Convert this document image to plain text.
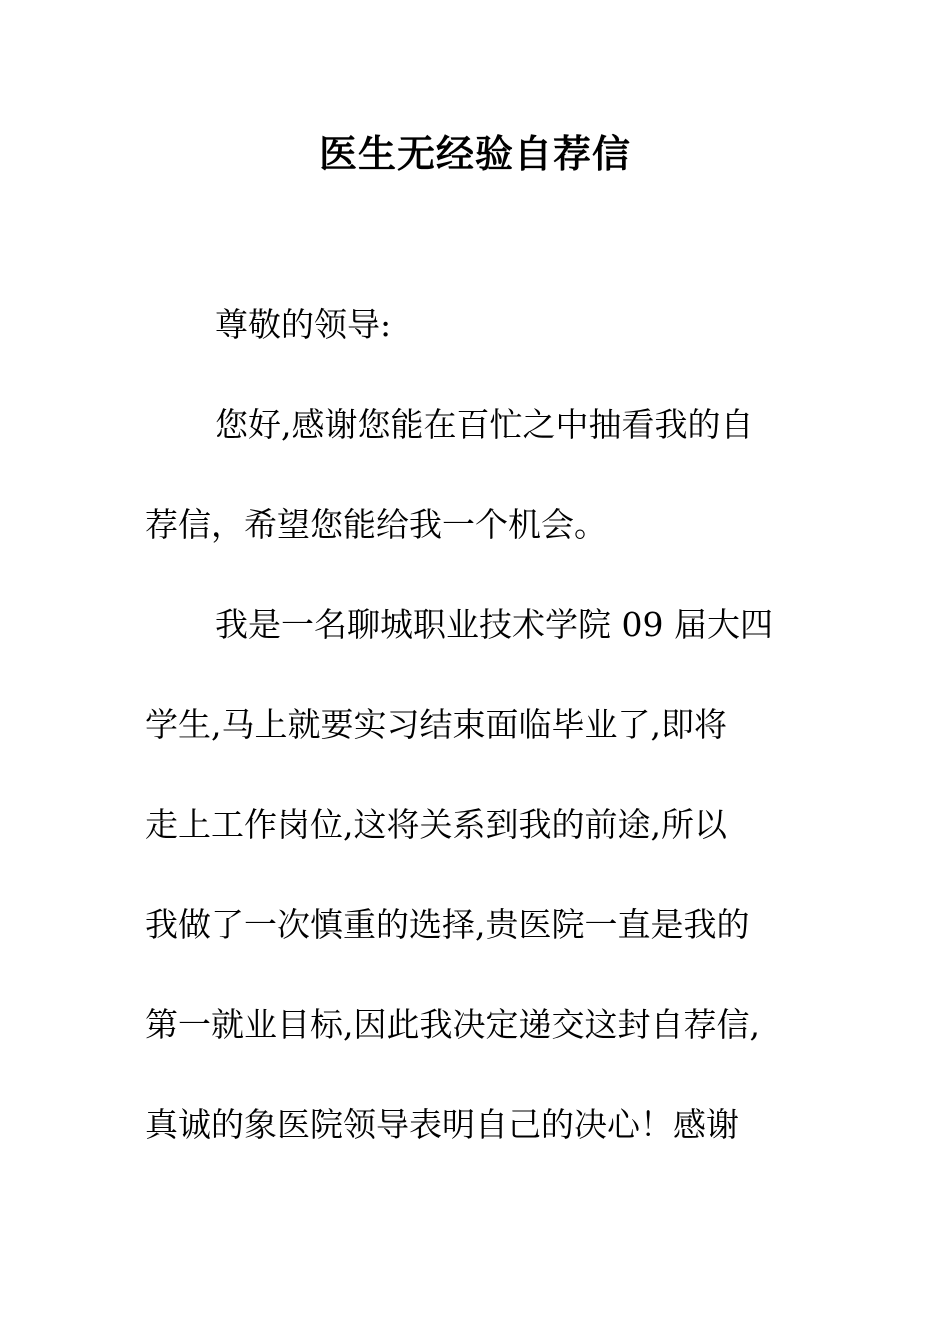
医生无经验自荐信
尊敬的领导:
您好,感谢您能在百忙之中抽看我的自
荐信，希望您能给我一个机会。
我是一名聊城职业技术学院 09 届大四
学生,马上就要实习结束面临毕业了,即将
走上工作岗位,这将关系到我的前途,所以
我做了一次慎重的选择,贵医院一直是我的
第一就业目标,因此我决定递交这封自荐信,
真诚的象医院领导表明自己的决心！感谢
